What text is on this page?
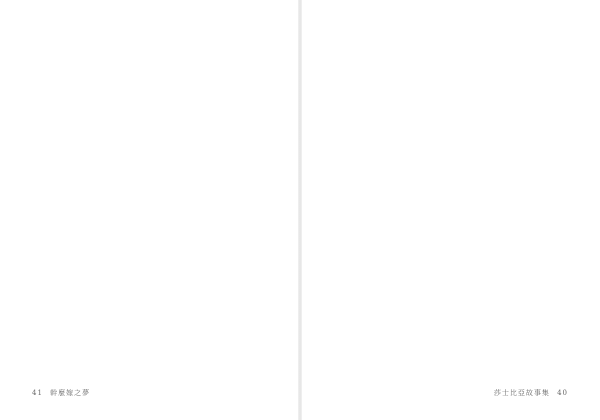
41 幹麼嫁之夢	莎士比亞故事集 40
